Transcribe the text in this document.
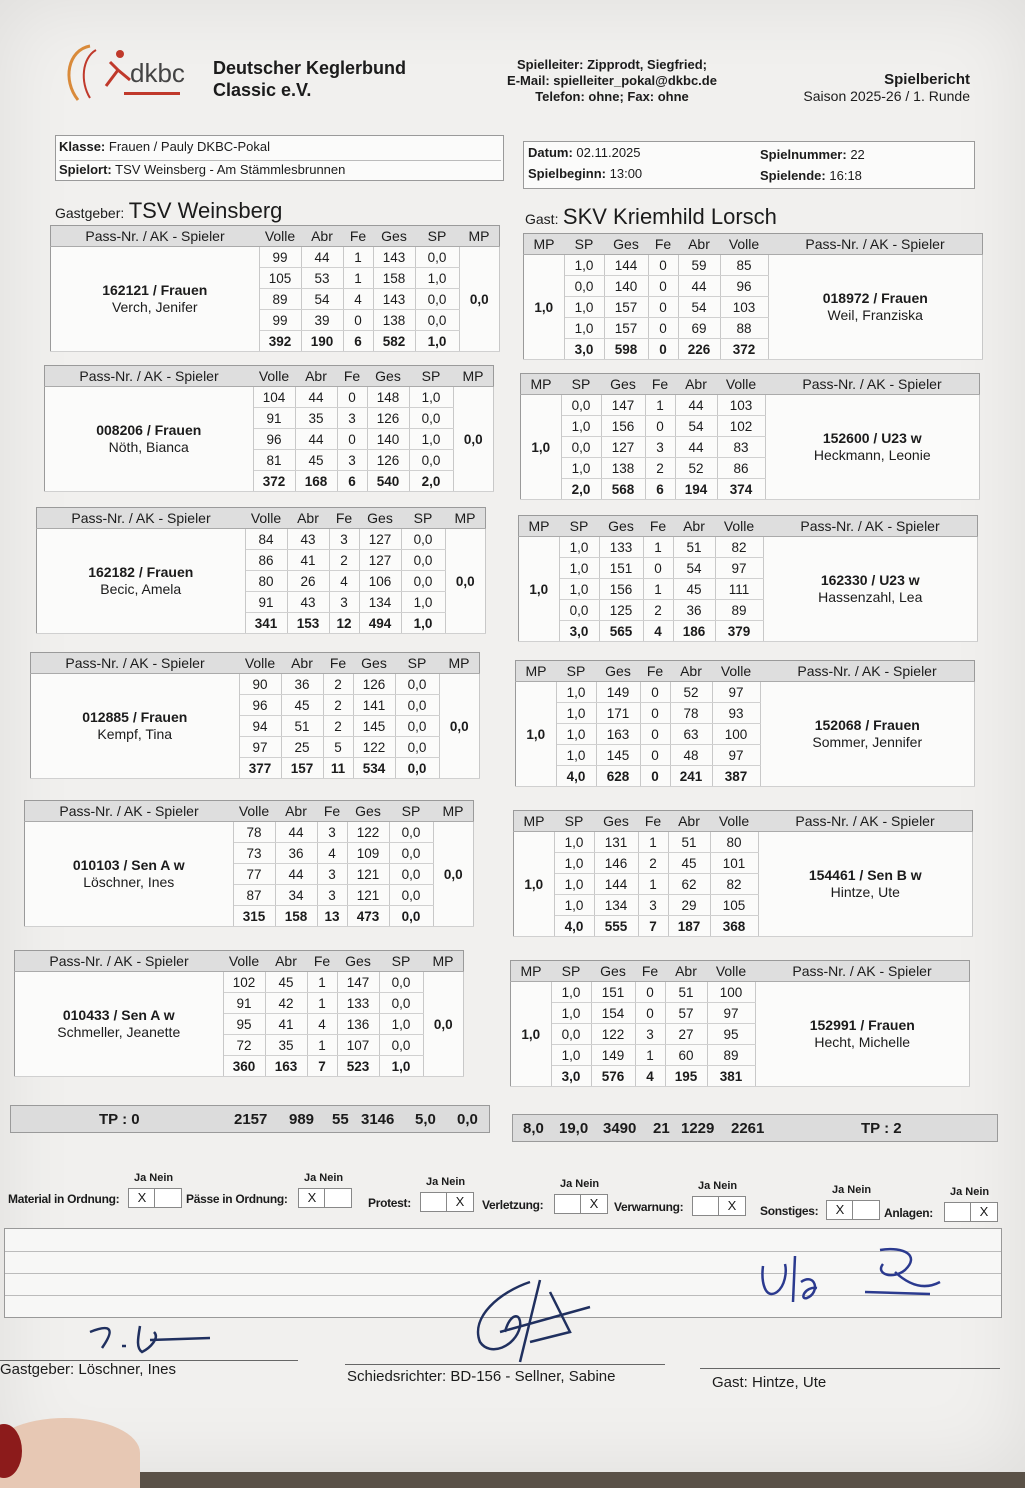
dkbc Deutscher Keglerbund
Classic e.V.
Spielleiter: Zipprodt, Siegfried;
E-Mail: spielleiter_pokal@dkbc.de
Telefon: ohne; Fax: ohne
Spielbericht
Saison 2025-26 / 1. Runde
Klasse: Frauen / Pauly DKBC-Pokal
Spielort: TSV Weinsberg - Am Stämmlesbrunnen
Datum: 02.11.2025
Spielbeginn: 13:00
Spielnummer: 22
Spielende: 16:18
Gastgeber: TSV Weinsberg	Gast: SKV Kriemhild Lorsch
Pass-Nr. / AK - Spieler	Volle	Abr	Fe	Ges	SP	MP

162121 / Frauen
Verch, Jenifer	99	44	1	143	0,0	0,0
	105	53	1	158	1,0	
	89	54	4	143	0,0	
	99	39	0	138	0,0	
	392	190	6	582	1,0	
Pass-Nr. / AK - Spieler	Volle	Abr	Fe	Ges	SP	MP

008206 / Frauen
Nöth, Bianca	104	44	0	148	1,0	0,0
	91	35	3	126	0,0	
	96	44	0	140	1,0	
	81	45	3	126	0,0	
	372	168	6	540	2,0	
Pass-Nr. / AK - Spieler	Volle	Abr	Fe	Ges	SP	MP

162182 / Frauen
Becic, Amela	84	43	3	127	0,0	0,0
	86	41	2	127	0,0	
	80	26	4	106	0,0	
	91	43	3	134	1,0	
	341	153	12	494	1,0	
Pass-Nr. / AK - Spieler	Volle	Abr	Fe	Ges	SP	MP

012885 / Frauen
Kempf, Tina	90	36	2	126	0,0	0,0
	96	45	2	141	0,0	
	94	51	2	145	0,0	
	97	25	5	122	0,0	
	377	157	11	534	0,0	
Pass-Nr. / AK - Spieler	Volle	Abr	Fe	Ges	SP	MP

010103 / Sen A w
Löschner, Ines	78	44	3	122	0,0	0,0
	73	36	4	109	0,0	
	77	44	3	121	0,0	
	87	34	3	121	0,0	
	315	158	13	473	0,0	
Pass-Nr. / AK - Spieler	Volle	Abr	Fe	Ges	SP	MP

010433 / Sen A w
Schmeller, Jeanette	102	45	1	147	0,0	0,0
	91	42	1	133	0,0	
	95	41	4	136	1,0	
	72	35	1	107	0,0	
	360	163	7	523	1,0	
MP	SP	Ges	Fe	Abr	Volle	Pass-Nr. / AK - Spieler
1,0	1,0	144	0	59	85	018972 / Frauen
Weil, Franziska

	0,0	140	0	44	96	
	1,0	157	0	54	103	
	1,0	157	0	69	88	
	3,0	598	0	226	372	
MP	SP	Ges	Fe	Abr	Volle	Pass-Nr. / AK - Spieler
1,0	0,0	147	1	44	103	152600 / U23 w
Heckmann, Leonie

	1,0	156	0	54	102	
	0,0	127	3	44	83	
	1,0	138	2	52	86	
	2,0	568	6	194	374	
MP	SP	Ges	Fe	Abr	Volle	Pass-Nr. / AK - Spieler
1,0	1,0	133	1	51	82	162330 / U23 w
Hassenzahl, Lea

	1,0	151	0	54	97	
	1,0	156	1	45	111	
	0,0	125	2	36	89	
	3,0	565	4	186	379	
MP	SP	Ges	Fe	Abr	Volle	Pass-Nr. / AK - Spieler
1,0	1,0	149	0	52	97	152068 / Frauen
Sommer, Jennifer

	1,0	171	0	78	93	
	1,0	163	0	63	100	
	1,0	145	0	48	97	
	4,0	628	0	241	387	
MP	SP	Ges	Fe	Abr	Volle	Pass-Nr. / AK - Spieler
1,0	1,0	131	1	51	80	154461 / Sen B w
Hintze, Ute

	1,0	146	2	45	101	
	1,0	144	1	62	82	
	1,0	134	3	29	105	
	4,0	555	7	187	368	
MP	SP	Ges	Fe	Abr	Volle	Pass-Nr. / AK - Spieler
1,0	1,0	151	0	51	100	152991 / Frauen
Hecht, Michelle

	1,0	154	0	57	97	
	0,0	122	3	27	95	
	1,0	149	1	60	89	
	3,0	576	4	195	381	
TP : 0	2157 989 55 3146 5,0 0,0
8,0 19,0 3490 21 1229 2261	TP : 2
Material in Ordnung:
Ja Nein
X	Pässe in Ordnung:
Ja Nein
X	Protest:
Ja Nein
X	Verletzung:
Ja Nein
X	Verwarnung:
Ja Nein
X	Sonstiges:
Ja Nein
X	Anlagen:
Ja Nein
X
Gastgeber: Löschner, Ines	Schiedsrichter: BD-156 - Sellner, Sabine	Gast: Hintze, Ute
